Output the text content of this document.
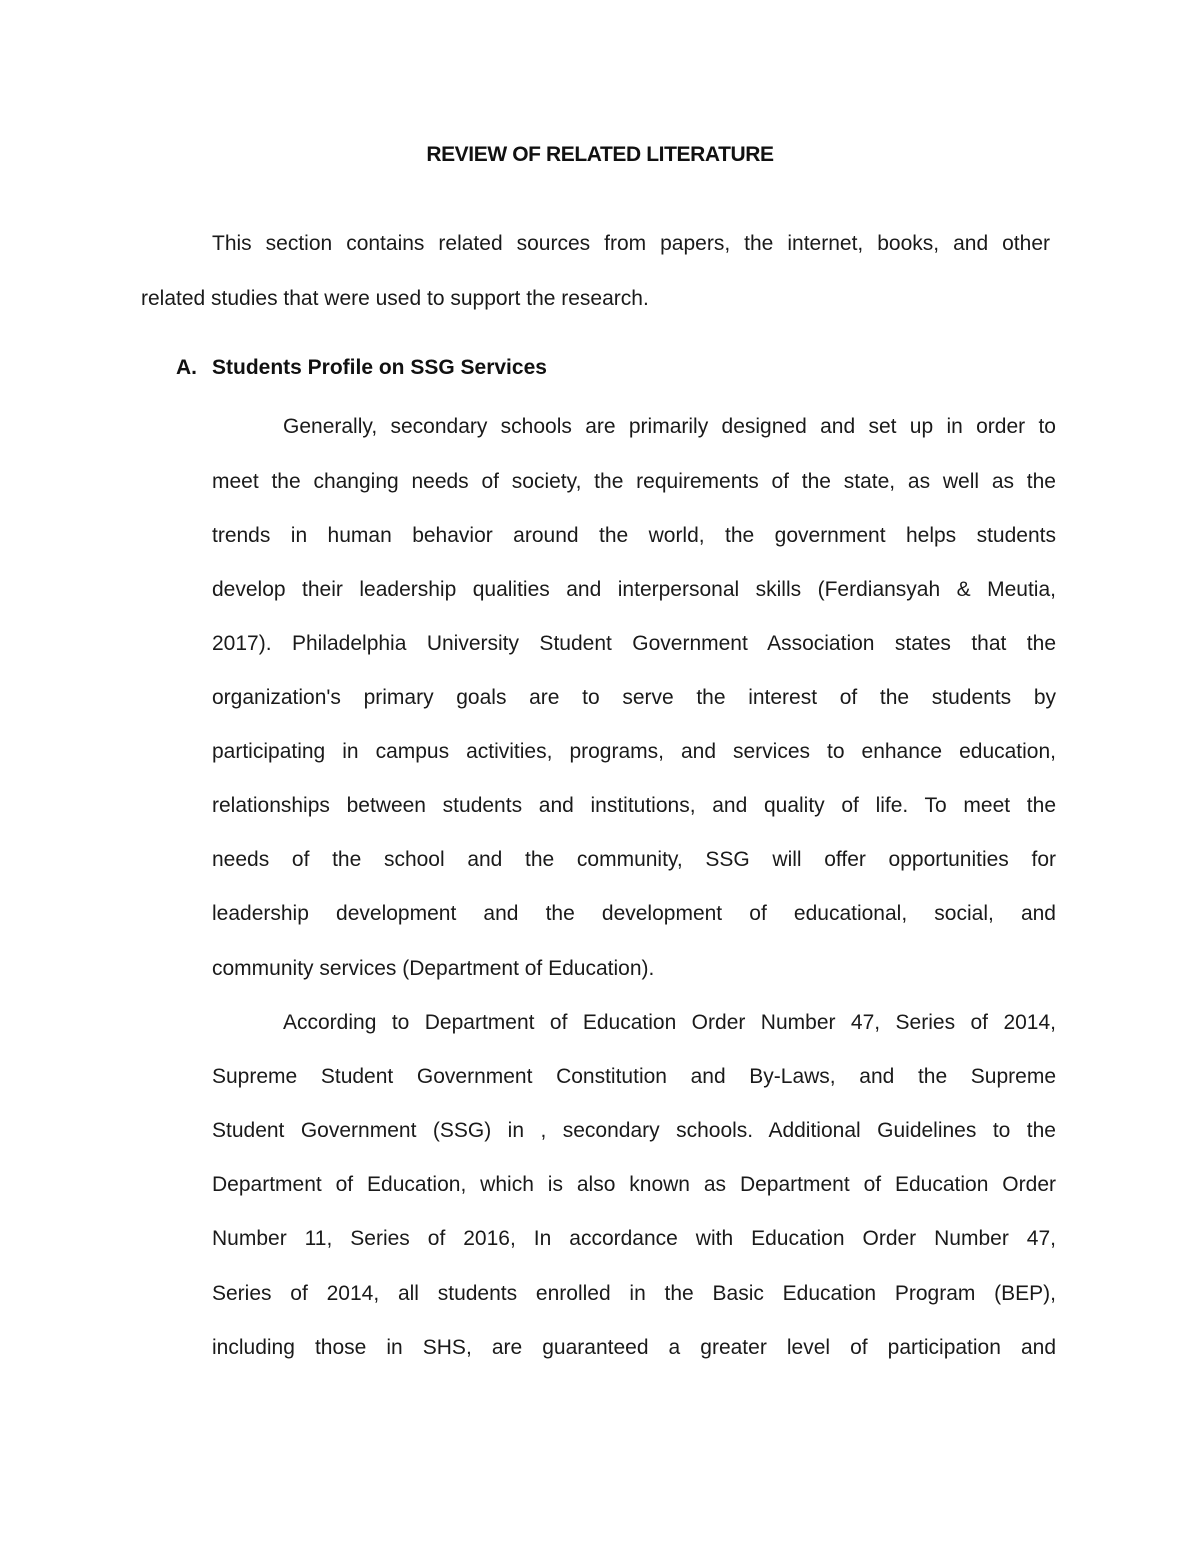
REVIEW OF RELATED LITERATURE
This section contains related sources from papers, the internet, books, and other
related studies that were used to support the research.
A. Students Profile on SSG Services
Generally, secondary schools are primarily designed and set up in order to
meet the changing needs of society, the requirements of the state, as well as the
trends in human behavior around the world, the government helps students
develop their leadership qualities and interpersonal skills (Ferdiansyah & Meutia,
2017). Philadelphia University Student Government Association states that the
organization's primary goals are to serve the interest of the students by
participating in campus activities, programs, and services to enhance education,
relationships between students and institutions, and quality of life. To meet the
needs of the school and the community, SSG will offer opportunities for
leadership development and the development of educational, social, and
community services (Department of Education).
According to Department of Education Order Number 47, Series of 2014,
Supreme Student Government Constitution and By-Laws, and the Supreme
Student Government (SSG) in , secondary schools. Additional Guidelines to the
Department of Education, which is also known as Department of Education Order
Number 11, Series of 2016, In accordance with Education Order Number 47,
Series of 2014, all students enrolled in the Basic Education Program (BEP),
including those in SHS, are guaranteed a greater level of participation and
